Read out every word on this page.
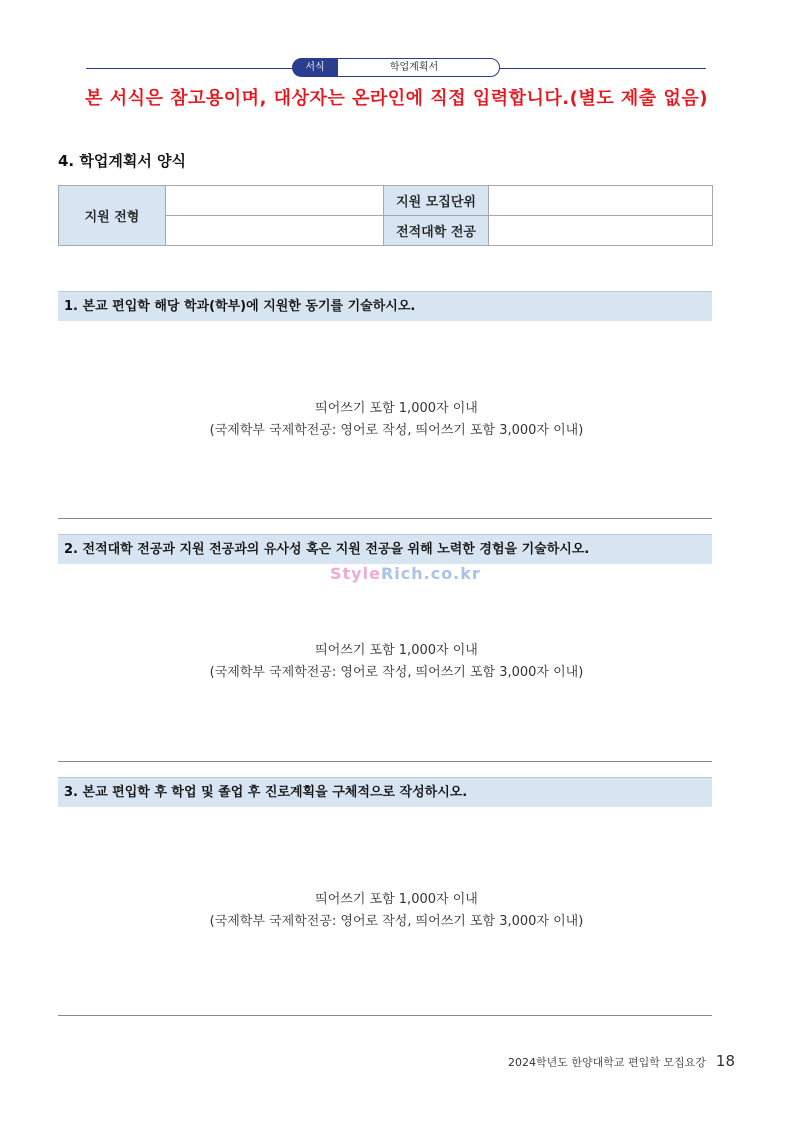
학업계획서
서식
본 서식은 참고용이며, 대상자는 온라인에 직접 입력합니다.(별도 제출 없음)
4. 학업계획서 양식
지원 전형		지원 모집단위	
		전적대학 전공	
1. 본교 편입학 해당 학과(학부)에 지원한 동기를 기술하시오.
띄어쓰기 포함 1,000자 이내
(국제학부 국제학전공: 영어로 작성, 띄어쓰기 포함 3,000자 이내)
2. 전적대학 전공과 지원 전공과의 유사성 혹은 지원 전공을 위해 노력한 경험을 기술하시오.
StyleRich.co.kr
띄어쓰기 포함 1,000자 이내
(국제학부 국제학전공: 영어로 작성, 띄어쓰기 포함 3,000자 이내)
3. 본교 편입학 후 학업 및 졸업 후 진로계획을 구체적으로 작성하시오.
띄어쓰기 포함 1,000자 이내
(국제학부 국제학전공: 영어로 작성, 띄어쓰기 포함 3,000자 이내)
2024학년도 한양대학교 편입학 모집요강 18
